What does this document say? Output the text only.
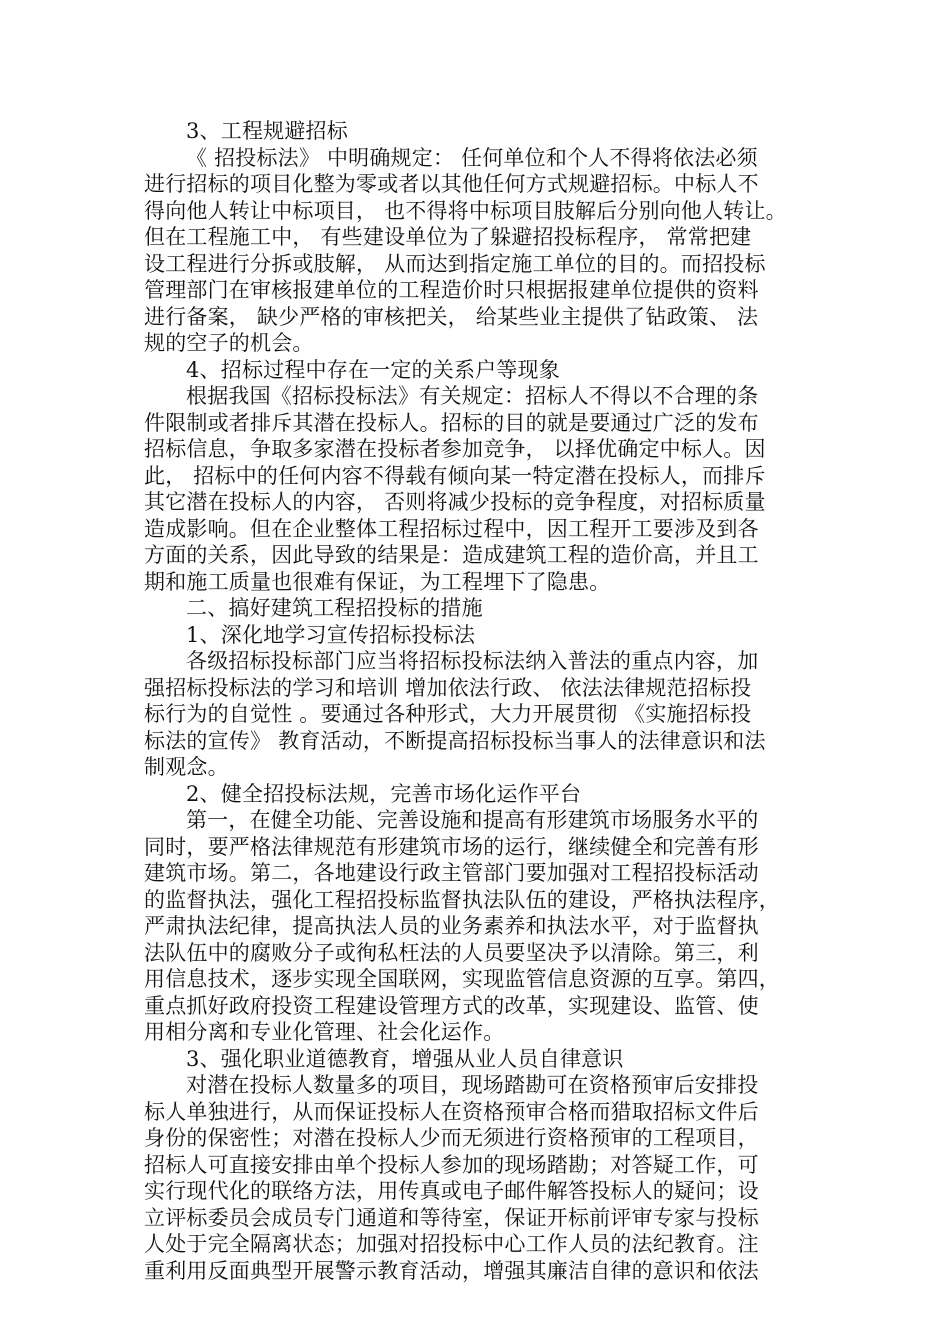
3、工程规避招标
《 招投标法》 中明确规定： 任何单位和个人不得将依法必须
进行招标的项目化整为零或者以其他任何方式规避招标。中标人不
得向他人转让中标项目， 也不得将中标项目肢解后分别向他人转让。
但在工程施工中， 有些建设单位为了躲避招投标程序， 常常把建
设工程进行分拆或肢解， 从而达到指定施工单位的目的。而招投标
管理部门在审核报建单位的工程造价时只根据报建单位提供的资料
进行备案， 缺少严格的审核把关， 给某些业主提供了钻政策、 法
规的空子的机会。
4、招标过程中存在一定的关系户等现象
根据我国《招标投标法》有关规定：招标人不得以不合理的条
件限制或者排斥其潜在投标人。招标的目的就是要通过广泛的发布
招标信息，争取多家潜在投标者参加竞争， 以择优确定中标人。因
此， 招标中的任何内容不得载有倾向某一特定潜在投标人，而排斥
其它潜在投标人的内容， 否则将减少投标的竞争程度，对招标质量
造成影响。但在企业整体工程招标过程中，因工程开工要涉及到各
方面的关系，因此导致的结果是：造成建筑工程的造价高，并且工
期和施工质量也很难有保证，为工程埋下了隐患。
二、搞好建筑工程招投标的措施
1、深化地学习宣传招标投标法
各级招标投标部门应当将招标投标法纳入普法的重点内容，加
强招标投标法的学习和培训 增加依法行政、 依法法律规范招标投
标行为的自觉性 。要通过各种形式，大力开展贯彻 《实施招标投
标法的宣传》 教育活动，不断提高招标投标当事人的法律意识和法
制观念。
2、健全招投标法规，完善市场化运作平台
第一，在健全功能、完善设施和提高有形建筑市场服务水平的
同时，要严格法律规范有形建筑市场的运行，继续健全和完善有形
建筑市场。第二，各地建设行政主管部门要加强对工程招投标活动
的监督执法，强化工程招投标监督执法队伍的建设，严格执法程序，
严肃执法纪律，提高执法人员的业务素养和执法水平，对于监督执
法队伍中的腐败分子或徇私枉法的人员要坚决予以清除。第三，利
用信息技术，逐步实现全国联网，实现监管信息资源的互享。第四，
重点抓好政府投资工程建设管理方式的改革，实现建设、监管、使
用相分离和专业化管理、社会化运作。
3、强化职业道德教育，增强从业人员自律意识
对潜在投标人数量多的项目，现场踏勘可在资格预审后安排投
标人单独进行，从而保证投标人在资格预审合格而猎取招标文件后
身份的保密性；对潜在投标人少而无须进行资格预审的工程项目，
招标人可直接安排由单个投标人参加的现场踏勘；对答疑工作，可
实行现代化的联络方法，用传真或电子邮件解答投标人的疑问；设
立评标委员会成员专门通道和等待室，保证开标前评审专家与投标
人处于完全隔离状态；加强对招投标中心工作人员的法纪教育。注
重利用反面典型开展警示教育活动，增强其廉洁自律的意识和依法
